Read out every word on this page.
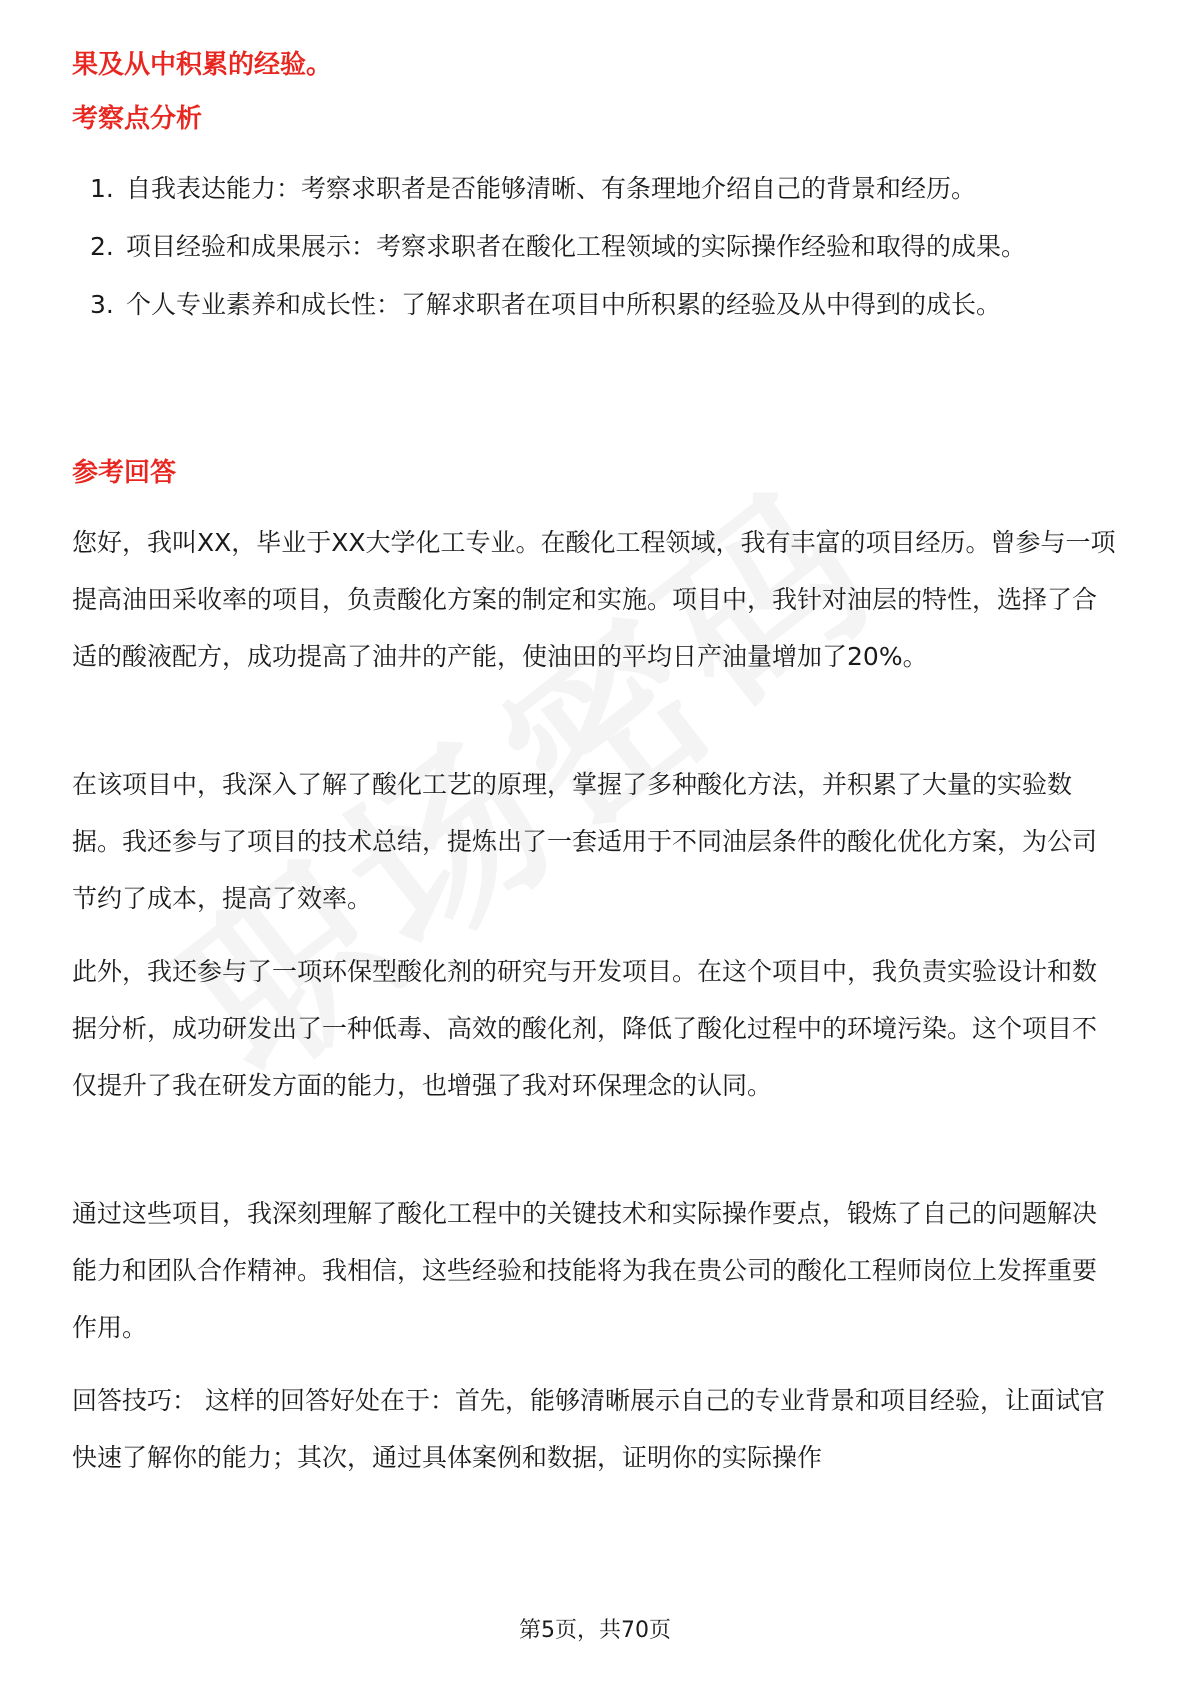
果及从中积累的经验。
考察点分析
1. 自我表达能力：考察求职者是否能够清晰、有条理地介绍自己的背景和经历。
2. 项目经验和成果展示：考察求职者在酸化工程领域的实际操作经验和取得的成果。
3. 个人专业素养和成长性：了解求职者在项目中所积累的经验及从中得到的成长。
参考回答

您好，我叫XX，毕业于XX大学化工专业。在酸化工程领域，我有丰富的项目经历。曾参与一项提高油田采收率的项目，负责酸化方案的制定和实施。项目中，我针对油层的特性，选择了合适的酸液配方，成功提高了油井的产能，使油田的平均日产油量增加了20%。

在该项目中，我深入了解了酸化工艺的原理，掌握了多种酸化方法，并积累了大量的实验数据。我还参与了项目的技术总结，提炼出了一套适用于不同油层条件的酸化优化方案，为公司节约了成本，提高了效率。

此外，我还参与了一项环保型酸化剂的研究与开发项目。在这个项目中，我负责实验设计和数据分析，成功研发出了一种低毒、高效的酸化剂，降低了酸化过程中的环境污染。这个项目不仅提升了我在研发方面的能力，也增强了我对环保理念的认同。

通过这些项目，我深刻理解了酸化工程中的关键技术和实际操作要点，锻炼了自己的问题解决能力和团队合作精神。我相信，这些经验和技能将为我在贵公司的酸化工程师岗位上发挥重要作用。

回答技巧： 这样的回答好处在于：首先，能够清晰展示自己的专业背景和项目经验，让面试官快速了解你的能力；其次，通过具体案例和数据，证明你的实际操作

第5页，共70页
